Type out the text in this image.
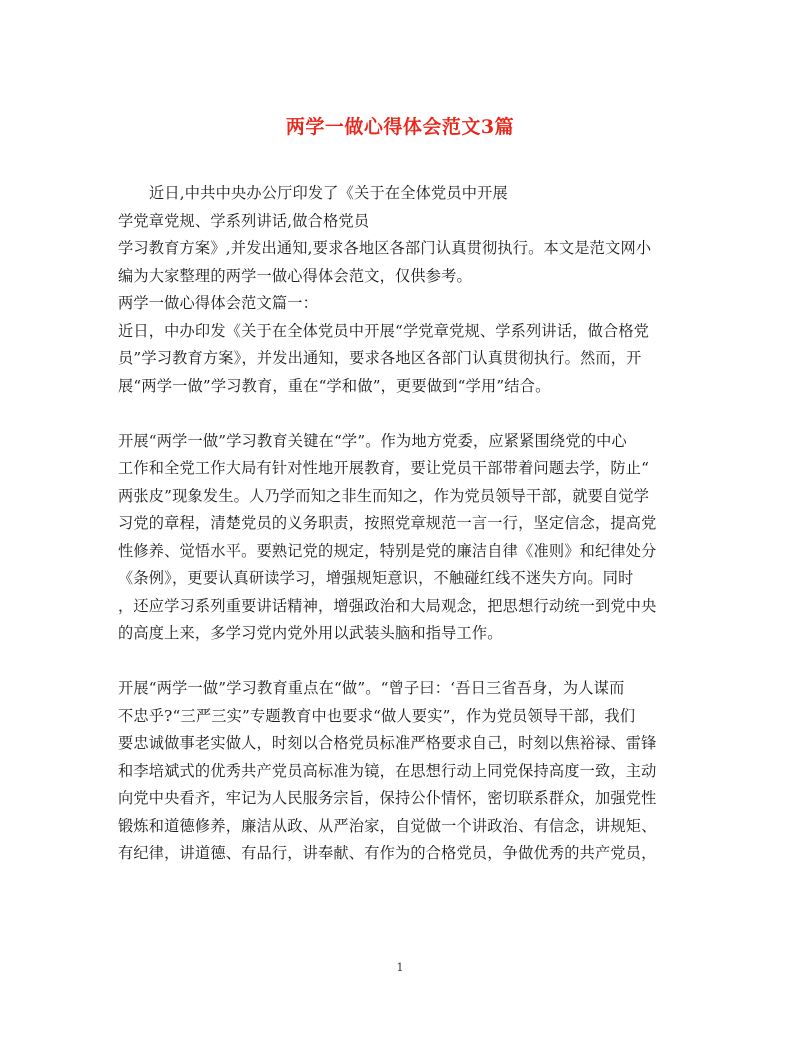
两学一做心得体会范文3篇
近日,中共中央办公厅印发了《关于在全体党员中开展
学党章党规、学系列讲话,做合格党员
学习教育方案》,并发出通知,要求各地区各部门认真贯彻执行。本文是范文网小
编为大家整理的两学一做心得体会范文，仅供参考。
两学一做心得体会范文篇一：
近日，中办印发《关于在全体党员中开展“学党章党规、学系列讲话，做合格党
员”学习教育方案》，并发出通知，要求各地区各部门认真贯彻执行。然而，开
展“两学一做”学习教育，重在“学和做”，更要做到“学用”结合。
开展“两学一做”学习教育关键在“学”。作为地方党委，应紧紧围绕党的中心
工作和全党工作大局有针对性地开展教育，要让党员干部带着问题去学，防止“
两张皮”现象发生。人乃学而知之非生而知之，作为党员领导干部，就要自觉学
习党的章程，清楚党员的义务职责，按照党章规范一言一行，坚定信念，提高党
性修养、觉悟水平。要熟记党的规定，特别是党的廉洁自律《准则》和纪律处分
《条例》，更要认真研读学习，增强规矩意识，不触碰红线不迷失方向。同时
，还应学习系列重要讲话精神，增强政治和大局观念，把思想行动统一到党中央
的高度上来，多学习党内党外用以武装头脑和指导工作。
开展“两学一做”学习教育重点在“做”。“曾子曰：‘吾日三省吾身，为人谋而
不忠乎?“三严三实”专题教育中也要求“做人要实”，作为党员领导干部，我们
要忠诚做事老实做人，时刻以合格党员标准严格要求自己，时刻以焦裕禄、雷锋
和李培斌式的优秀共产党员高标准为镜，在思想行动上同党保持高度一致，主动
向党中央看齐，牢记为人民服务宗旨，保持公仆情怀，密切联系群众，加强党性
锻炼和道德修养，廉洁从政、从严治家，自觉做一个讲政治、有信念，讲规矩、
有纪律，讲道德、有品行，讲奉献、有作为的合格党员，争做优秀的共产党员，
1
